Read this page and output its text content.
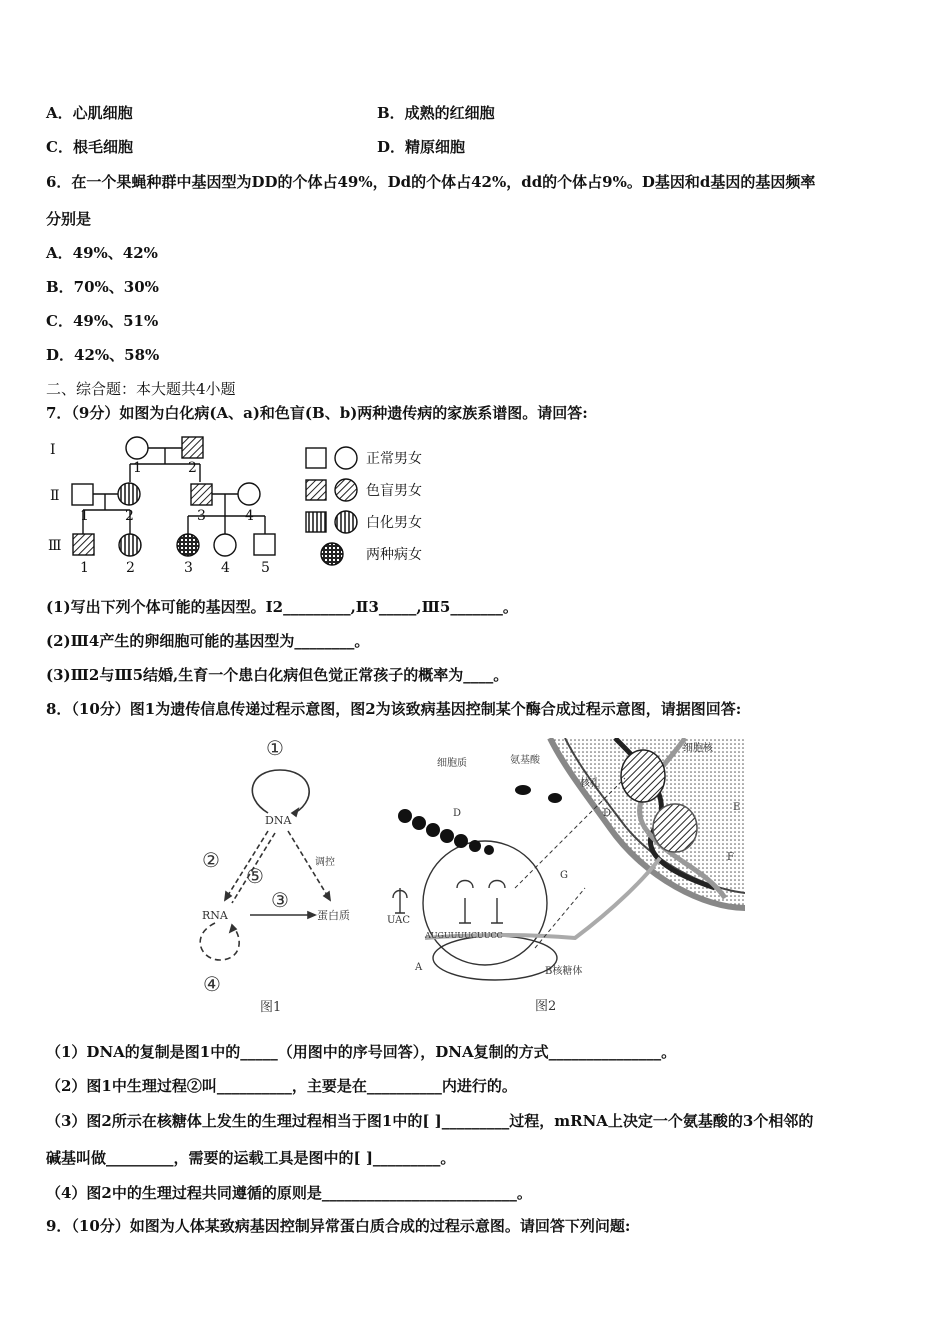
A．心肌细胞	B．成熟的红细胞
C．根毛细胞	D．精原细胞
6．在一个果蝇种群中基因型为DD的个体占49%，Dd的个体占42%，dd的个体占9%。D基因和d基因的基因频率
分别是
A．49%、42%
B．70%、30%
C．49%、51%
D．42%、58%
二、综合题：本大题共4小题
7．（9分）如图为白化病(A、a)和色盲(B、b)两种遗传病的家族系谱图。请回答:
Ⅰ
Ⅱ
Ⅲ
1	2
1	2	3	4
1	2	3 4 5
正常男女
色盲男女
白化男女
两种病女
(1)写出下列个体可能的基因型。Ⅰ2_________,Ⅱ3_____,Ⅲ5_______。
(2)Ⅲ4产生的卵细胞可能的基因型为________。
(3)Ⅲ2与Ⅲ5结婚,生育一个患白化病但色觉正常孩子的概率为____。
8．（10分）图1为遗传信息传递过程示意图，图2为该致病基因控制某个酶合成过程示意图，请据图回答:
①
DNA
②
⑤
③
调控
RNA	蛋白质
④
图1
细胞质	氨基酸
细胞核
核孔
D	D
E
F
G
UAC
AUGUUUUCUUCC
A	B核糖体
图2
（1）DNA的复制是图1中的_____（用图中的序号回答），DNA复制的方式_______________。
（2）图1中生理过程②叫__________，主要是在__________内进行的。
（3）图2所示在核糖体上发生的生理过程相当于图1中的[ ]_________过程，mRNA上决定一个氨基酸的3个相邻的
碱基叫做_________，需要的运载工具是图中的[ ]_________。
（4）图2中的生理过程共同遵循的原则是__________________________。
9．（10分）如图为人体某致病基因控制异常蛋白质合成的过程示意图。请回答下列问题:
